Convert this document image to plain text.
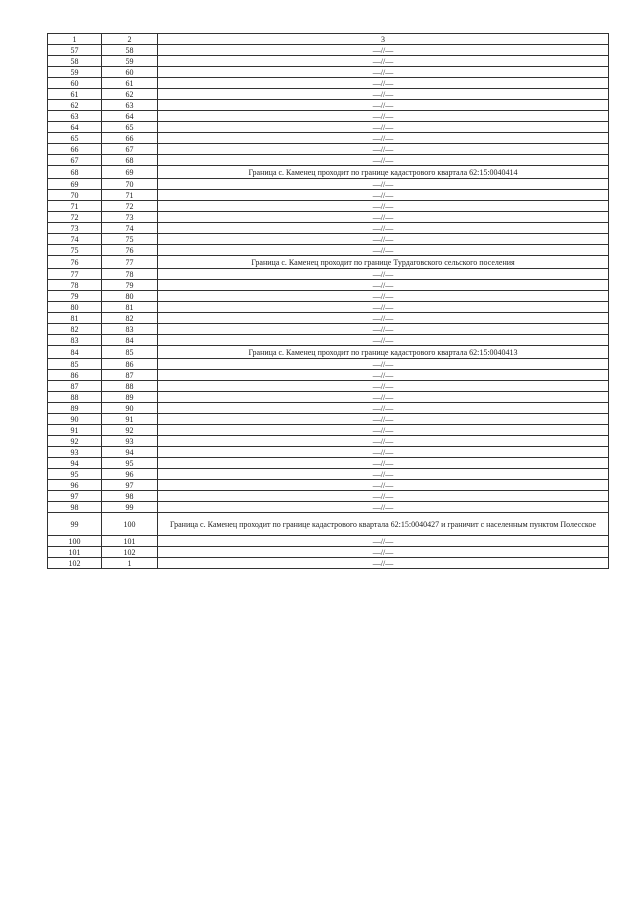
1	2	3
57	58	—//—
58	59	—//—
59	60	—//—
60	61	—//—
61	62	—//—
62	63	—//—
63	64	—//—
64	65	—//—
65	66	—//—
66	67	—//—
67	68	—//—
68	69	Граница с. Каменец проходит по границе кадастрового квартала 62:15:0040414
69	70	—//—
70	71	—//—
71	72	—//—
72	73	—//—
73	74	—//—
74	75	—//—
75	76	—//—
76	77	Граница с. Каменец проходит по границе Турдаговского сельского поселения
77	78	—//—
78	79	—//—
79	80	—//—
80	81	—//—
81	82	—//—
82	83	—//—
83	84	—//—
84	85	Граница с. Каменец проходит по границе кадастрового квартала 62:15:0040413
85	86	—//—
86	87	—//—
87	88	—//—
88	89	—//—
89	90	—//—
90	91	—//—
91	92	—//—
92	93	—//—
93	94	—//—
94	95	—//—
95	96	—//—
96	97	—//—
97	98	—//—
98	99	—//—
99	100	Граница с. Каменец проходит по границе кадастрового квартала 62:15:0040427 и граничит с населенным пунктом Полесское
100	101	—//—
101	102	—//—
102	1	—//—
